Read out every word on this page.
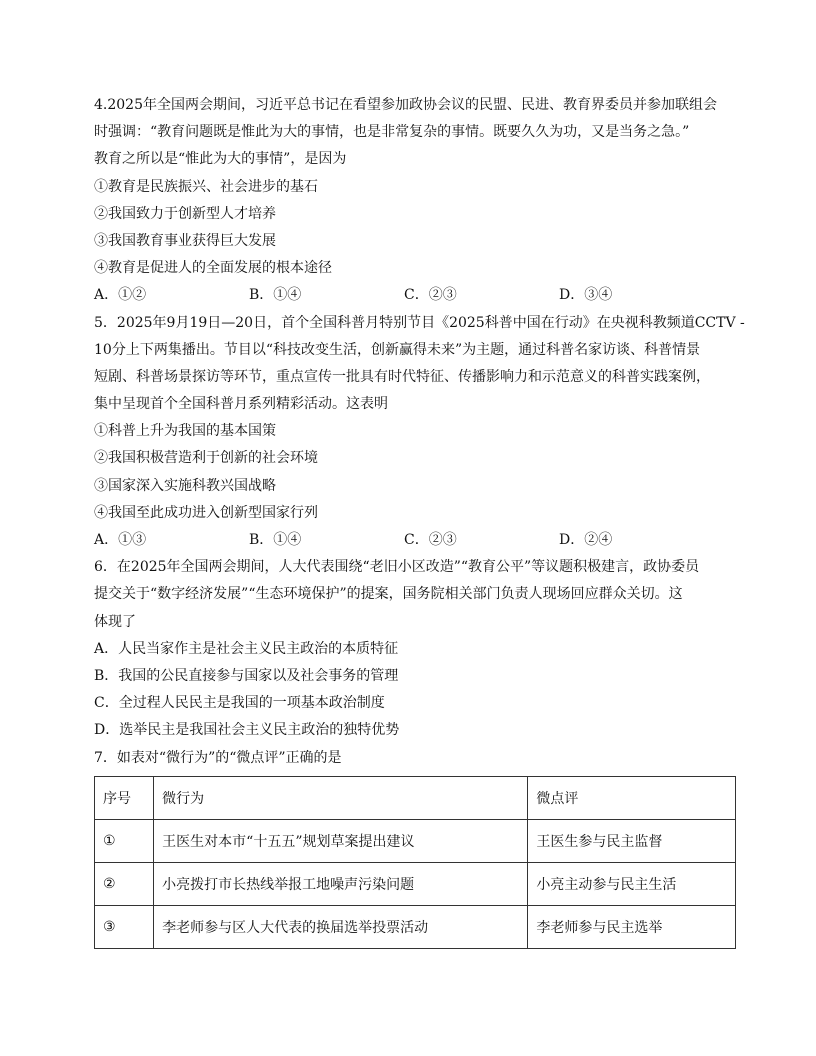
4.2025年全国两会期间，习近平总书记在看望参加政协会议的民盟、民进、教育界委员并参加联组会
时强调：“教育问题既是惟此为大的事情，也是非常复杂的事情。既要久久为功，又是当务之急。”
教育之所以是“惟此为大的事情”，是因为
①教育是民族振兴、社会进步的基石
②我国致力于创新型人才培养
③我国教育事业获得巨大发展
④教育是促进人的全面发展的根本途径
A．①②	B．①④	C．②③	D．③④
5．2025年9月19日—20日，首个全国科普月特别节目《2025科普中国在行动》在央视科教频道CCTV -
10分上下两集播出。节目以“科技改变生活，创新赢得未来”为主题，通过科普名家访谈、科普情景
短剧、科普场景探访等环节，重点宣传一批具有时代特征、传播影响力和示范意义的科普实践案例，
集中呈现首个全国科普月系列精彩活动。这表明
①科普上升为我国的基本国策
②我国积极营造利于创新的社会环境
③国家深入实施科教兴国战略
④我国至此成功进入创新型国家行列
A．①③	B．①④	C．②③	D．②④
6．在2025年全国两会期间，人大代表围绕“老旧小区改造”“教育公平”等议题积极建言，政协委员
提交关于“数字经济发展”“生态环境保护”的提案，国务院相关部门负责人现场回应群众关切。这
体现了
A．人民当家作主是社会主义民主政治的本质特征
B．我国的公民直接参与国家以及社会事务的管理
C．全过程人民民主是我国的一项基本政治制度
D．选举民主是我国社会主义民主政治的独特优势
7．如表对“微行为”的“微点评”正确的是
序号	微行为	微点评
①	王医生对本市“十五五”规划草案提出建议	王医生参与民主监督
②	小亮拨打市长热线举报工地噪声污染问题	小亮主动参与民主生活
③	李老师参与区人大代表的换届选举投票活动	李老师参与民主选举
